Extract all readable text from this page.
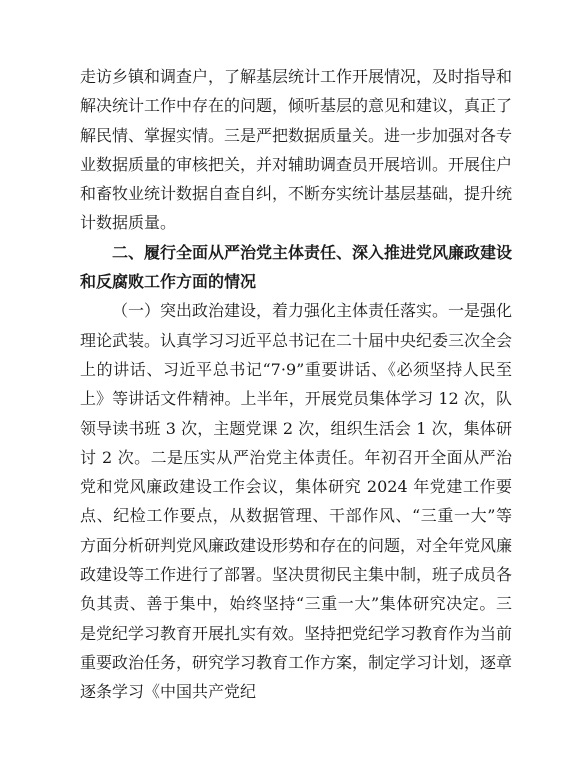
走访乡镇和调查户，了解基层统计工作开展情况，及时指导和解决统计工作中存在的问题，倾听基层的意见和建议，真正了解民情、掌握实情。三是严把数据质量关。进一步加强对各专业数据质量的审核把关，并对辅助调查员开展培训。开展住户和畜牧业统计数据自查自纠，不断夯实统计基层基础，提升统计数据质量。

二、履行全面从严治党主体责任、深入推进党风廉政建设和反腐败工作方面的情况

（一）突出政治建设，着力强化主体责任落实。一是强化理论武装。认真学习习近平总书记在二十届中央纪委三次全会上的讲话、习近平总书记“7·9”重要讲话、《必须坚持人民至上》等讲话文件精神。上半年，开展党员集体学习 12 次，队领导读书班 3 次，主题党课 2 次，组织生活会 1 次，集体研讨 2 次。二是压实从严治党主体责任。年初召开全面从严治党和党风廉政建设工作会议，集体研究 2024 年党建工作要点、纪检工作要点，从数据管理、干部作风、“三重一大”等方面分析研判党风廉政建设形势和存在的问题，对全年党风廉政建设等工作进行了部署。坚决贯彻民主集中制，班子成员各负其责、善于集中，始终坚持“三重一大”集体研究决定。三是党纪学习教育开展扎实有效。坚持把党纪学习教育作为当前重要政治任务，研究学习教育工作方案，制定学习计划，逐章逐条学习《中国共产党纪
